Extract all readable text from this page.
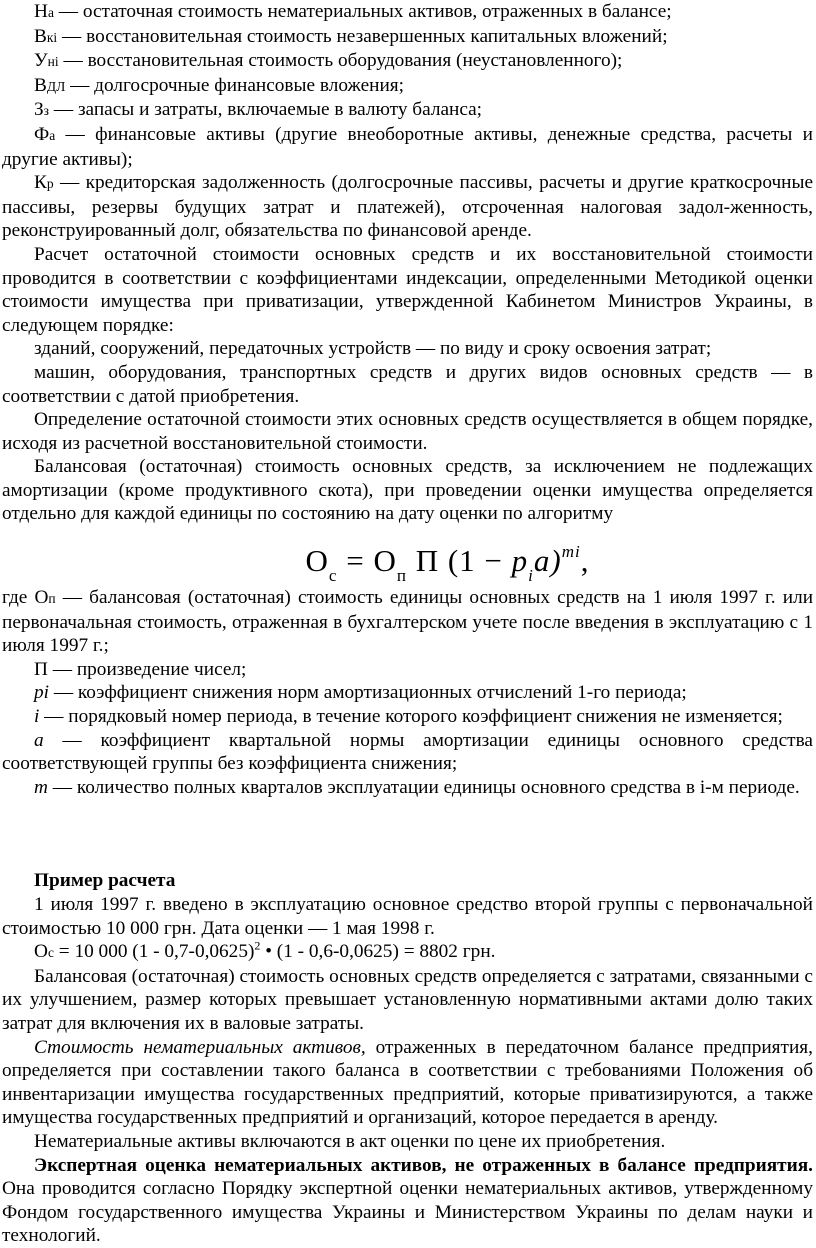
На — остаточная стоимость нематериальных активов, отраженных в балансе;

Вкі — восстановительная стоимость незавершенных капитальных вложений;

Уні — восстановительная стоимость оборудования (неустановленного);

ВДЛ — долгосрочные финансовые вложения;

Зз — запасы и затраты, включаемые в валюту баланса;

Фа — финансовые активы (другие внеоборотные активы, денежные средства, расчеты и другие активы);

Кр — кредиторская задолженность (долгосрочные пассивы, расчеты и другие краткосрочные пассивы, резервы будущих затрат и платежей), отсроченная налоговая задол-женность, реконструированный долг, обязательства по финансовой аренде.

Расчет остаточной стоимости основных средств и их восстановительной стоимости проводится в соответствии с коэффициентами индексации, определенными Методикой оценки стоимости имущества при приватизации, утвержденной Кабинетом Министров Украины, в следующем порядке:

зданий, сооружений, передаточных устройств — по виду и сроку освоения затрат;

машин, оборудования, транспортных средств и других видов основных средств — в соответствии с датой приобретения.

Определение остаточной стоимости этих основных средств осуществляется в общем порядке, исходя из расчетной восстановительной стоимости.

Балансовая (остаточная) стоимость основных средств, за исключением не подлежащих амортизации (кроме продуктивного скота), при проведении оценки имущества определяется отдельно для каждой единицы по состоянию на дату оценки по алгоритму

$О_с = О_п$ П $(1 - p_ia)^{mi}$,

где Оп — балансовая (остаточная) стоимость единицы основных средств на 1 июля 1997 г. или первоначальная стоимость, отраженная в бухгалтерском учете после введения в эксплуатацию с 1 июля 1997 г.;

П — произведение чисел;

pi — коэффициент снижения норм амортизационных отчислений 1-го периода;

i — порядковый номер периода, в течение которого коэффициент снижения не изменяется;

a — коэффициент квартальной нормы амортизации единицы основного средства соответствующей группы без коэффициента снижения;

m — количество полных кварталов эксплуатации единицы основного средства в i-м периоде.

Пример расчета

1 июля 1997 г. введено в эксплуатацию основное средство второй группы с первоначальной стоимостью 10 000 грн. Дата оценки — 1 мая 1998 г.

Ос = 10 000 (1 - 0,7-0,0625)$^2$ • (1 - 0,6-0,0625) = 8802 грн.

Балансовая (остаточная) стоимость основных средств определяется с затратами, связанными с их улучшением, размер которых превышает установленную нормативными актами долю таких затрат для включения их в валовые затраты.

Стоимость нематериальных активов, отраженных в передаточном балансе предприятия, определяется при составлении такого баланса в соответствии с требованиями Положения об инвентаризации имущества государственных предприятий, которые приватизируются, а также имущества государственных предприятий и организаций, которое передается в аренду.

Нематериальные активы включаются в акт оценки по цене их приобретения.

Экспертная оценка нематериальных активов, не отраженных в балансе предприятия. Она проводится согласно Порядку экспертной оценки нематериальных активов, утвержденному Фондом государственного имущества Украины и Министерством Украины по делам науки и технологий.
